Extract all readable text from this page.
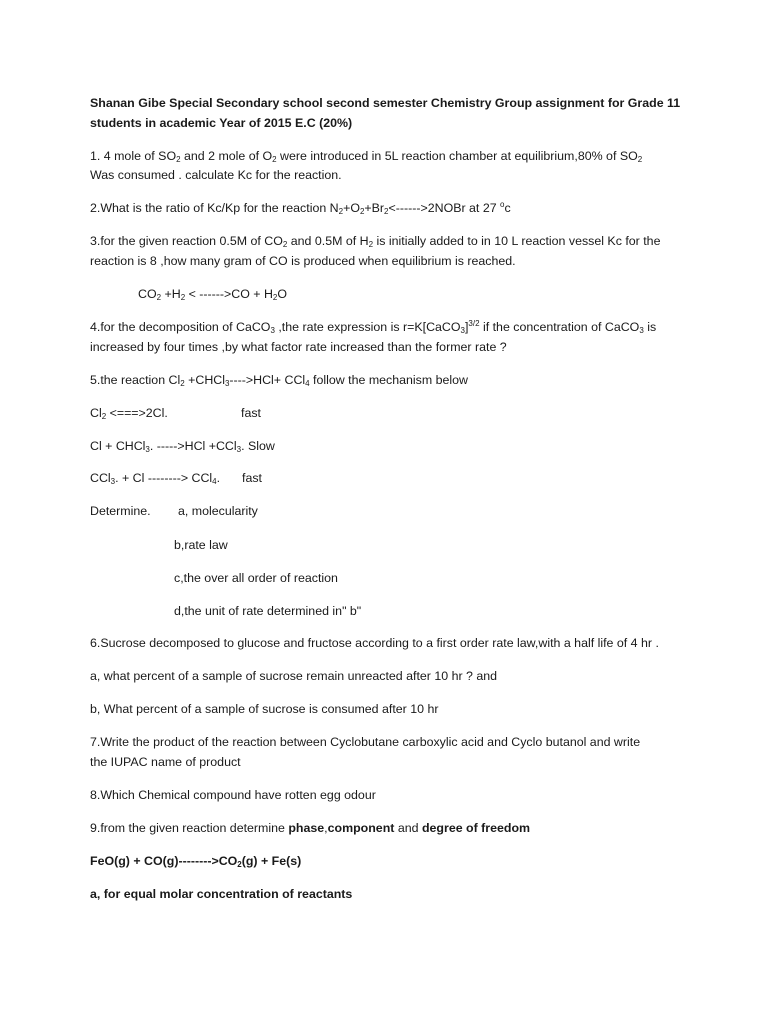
Shanan Gibe Special Secondary school second semester Chemistry Group assignment for Grade 11
students in academic Year of 2015 E.C (20%)
1. 4 mole of $SO_2$ and 2 mole of $O_2$ were introduced in 5L reaction chamber at equilibrium,80% of $SO_2$
Was consumed . calculate Kc for the reaction.
2.What is the ratio of Kc/Kp for the reaction $N_2+O_2+Br_2<------>2NOBr$ at 27 $^o$c
3.for the given reaction 0.5M of $CO_2$ and 0.5M of $H_2$ is initially added to in 10 L reaction vessel Kc for the
reaction is 8 ,how many gram of CO is produced when equilibrium is reached.
$CO_2 +H_2 < ------>CO + H_2O$
4.for the decomposition of CaCO$_3$ ,the rate expression is r=K[CaCO$_3$]$^{3/2}$ if the concentration of CaCO$_3$ is
increased by four times ,by what factor rate increased than the former rate ?
5.the reaction $Cl_2$ +CHCl$_3$---->HCl+ CCl$_4$ follow the mechanism below
$Cl_2 <===>2Cl$.	fast
Cl + CHCl$_3$. ----->HCl +CCl$_3$. Slow
CCl$_3$. + Cl --------> CCl$_4$. fast
Determine. a, molecularity
b,rate law
c,the over all order of reaction
d,the unit of rate determined in" b"
6.Sucrose decomposed to glucose and fructose according to a first order rate law,with a half life of 4 hr .
a, what percent of a sample of sucrose remain unreacted after 10 hr ? and
b, What percent of a sample of sucrose is consumed after 10 hr
7.Write the product of the reaction between Cyclobutane carboxylic acid and Cyclo butanol and write
the IUPAC name of product
8.Which Chemical compound have rotten egg odour
9.from the given reaction determine phase,component and degree of freedom
$FeO(g) + CO(g)-------->CO_2(g) + Fe(s)$
a, for equal molar concentration of reactants
